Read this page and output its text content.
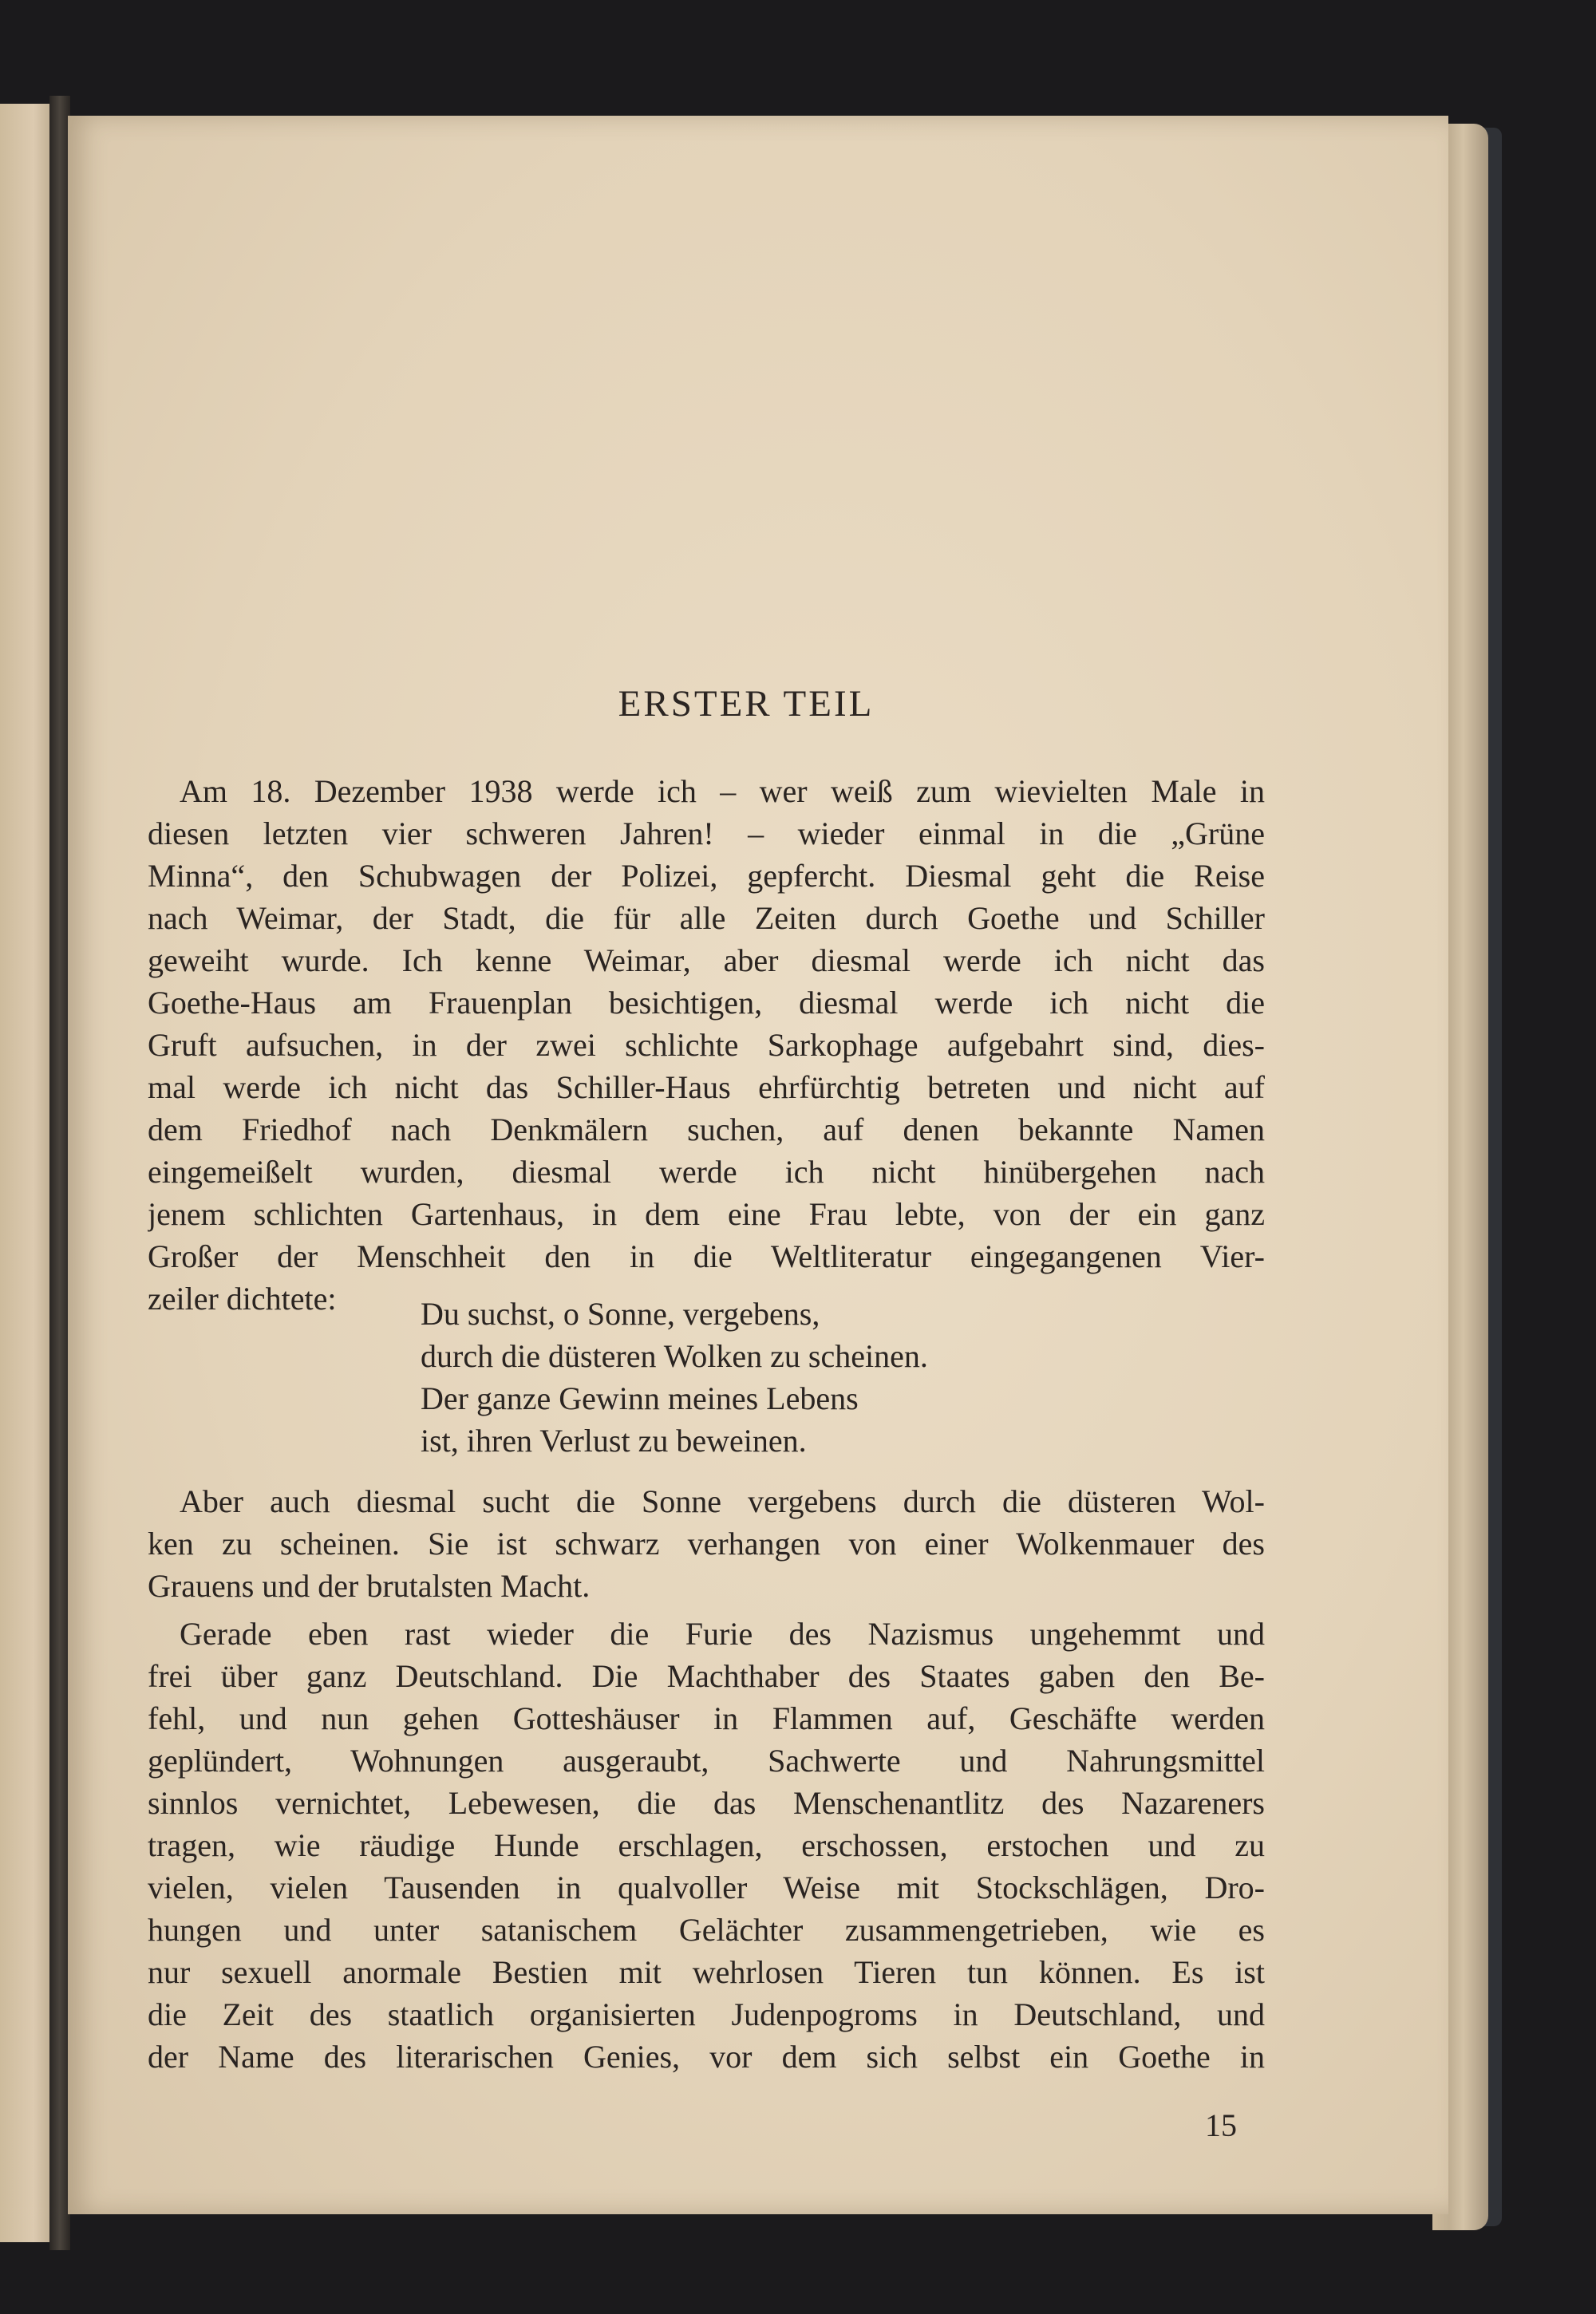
ERSTER TEIL
Am 18. Dezember 1938 werde ich – wer weiß zum wievielten Male in
diesen letzten vier schweren Jahren! – wieder einmal in die „Grüne
Minna“, den Schubwagen der Polizei, gepfercht. Diesmal geht die Reise
nach Weimar, der Stadt, die für alle Zeiten durch Goethe und Schiller
geweiht wurde. Ich kenne Weimar, aber diesmal werde ich nicht das
Goethe-Haus am Frauenplan besichtigen, diesmal werde ich nicht die
Gruft aufsuchen, in der zwei schlichte Sarkophage aufgebahrt sind, dies-
mal werde ich nicht das Schiller-Haus ehrfürchtig betreten und nicht auf
dem Friedhof nach Denkmälern suchen, auf denen bekannte Namen
eingemeißelt wurden, diesmal werde ich nicht hinübergehen nach
jenem schlichten Gartenhaus, in dem eine Frau lebte, von der ein ganz
Großer der Menschheit den in die Weltliteratur eingegangenen Vier-
zeiler dichtete:	Du suchst, o Sonne, vergebens,
durch die düsteren Wolken zu scheinen.
Der ganze Gewinn meines Lebens
ist, ihren Verlust zu beweinen.
Aber auch diesmal sucht die Sonne vergebens durch die düsteren Wol-
ken zu scheinen. Sie ist schwarz verhangen von einer Wolkenmauer des
Grauens und der brutalsten Macht.
Gerade eben rast wieder die Furie des Nazismus ungehemmt und
frei über ganz Deutschland. Die Machthaber des Staates gaben den Be-
fehl, und nun gehen Gotteshäuser in Flammen auf, Geschäfte werden
geplündert, Wohnungen ausgeraubt, Sachwerte und Nahrungsmittel
sinnlos vernichtet, Lebewesen, die das Menschenantlitz des Nazareners
tragen, wie räudige Hunde erschlagen, erschossen, erstochen und zu
vielen, vielen Tausenden in qualvoller Weise mit Stockschlägen, Dro-
hungen und unter satanischem Gelächter zusammengetrieben, wie es
nur sexuell anormale Bestien mit wehrlosen Tieren tun können. Es ist
die Zeit des staatlich organisierten Judenpogroms in Deutschland, und
der Name des literarischen Genies, vor dem sich selbst ein Goethe in
15
